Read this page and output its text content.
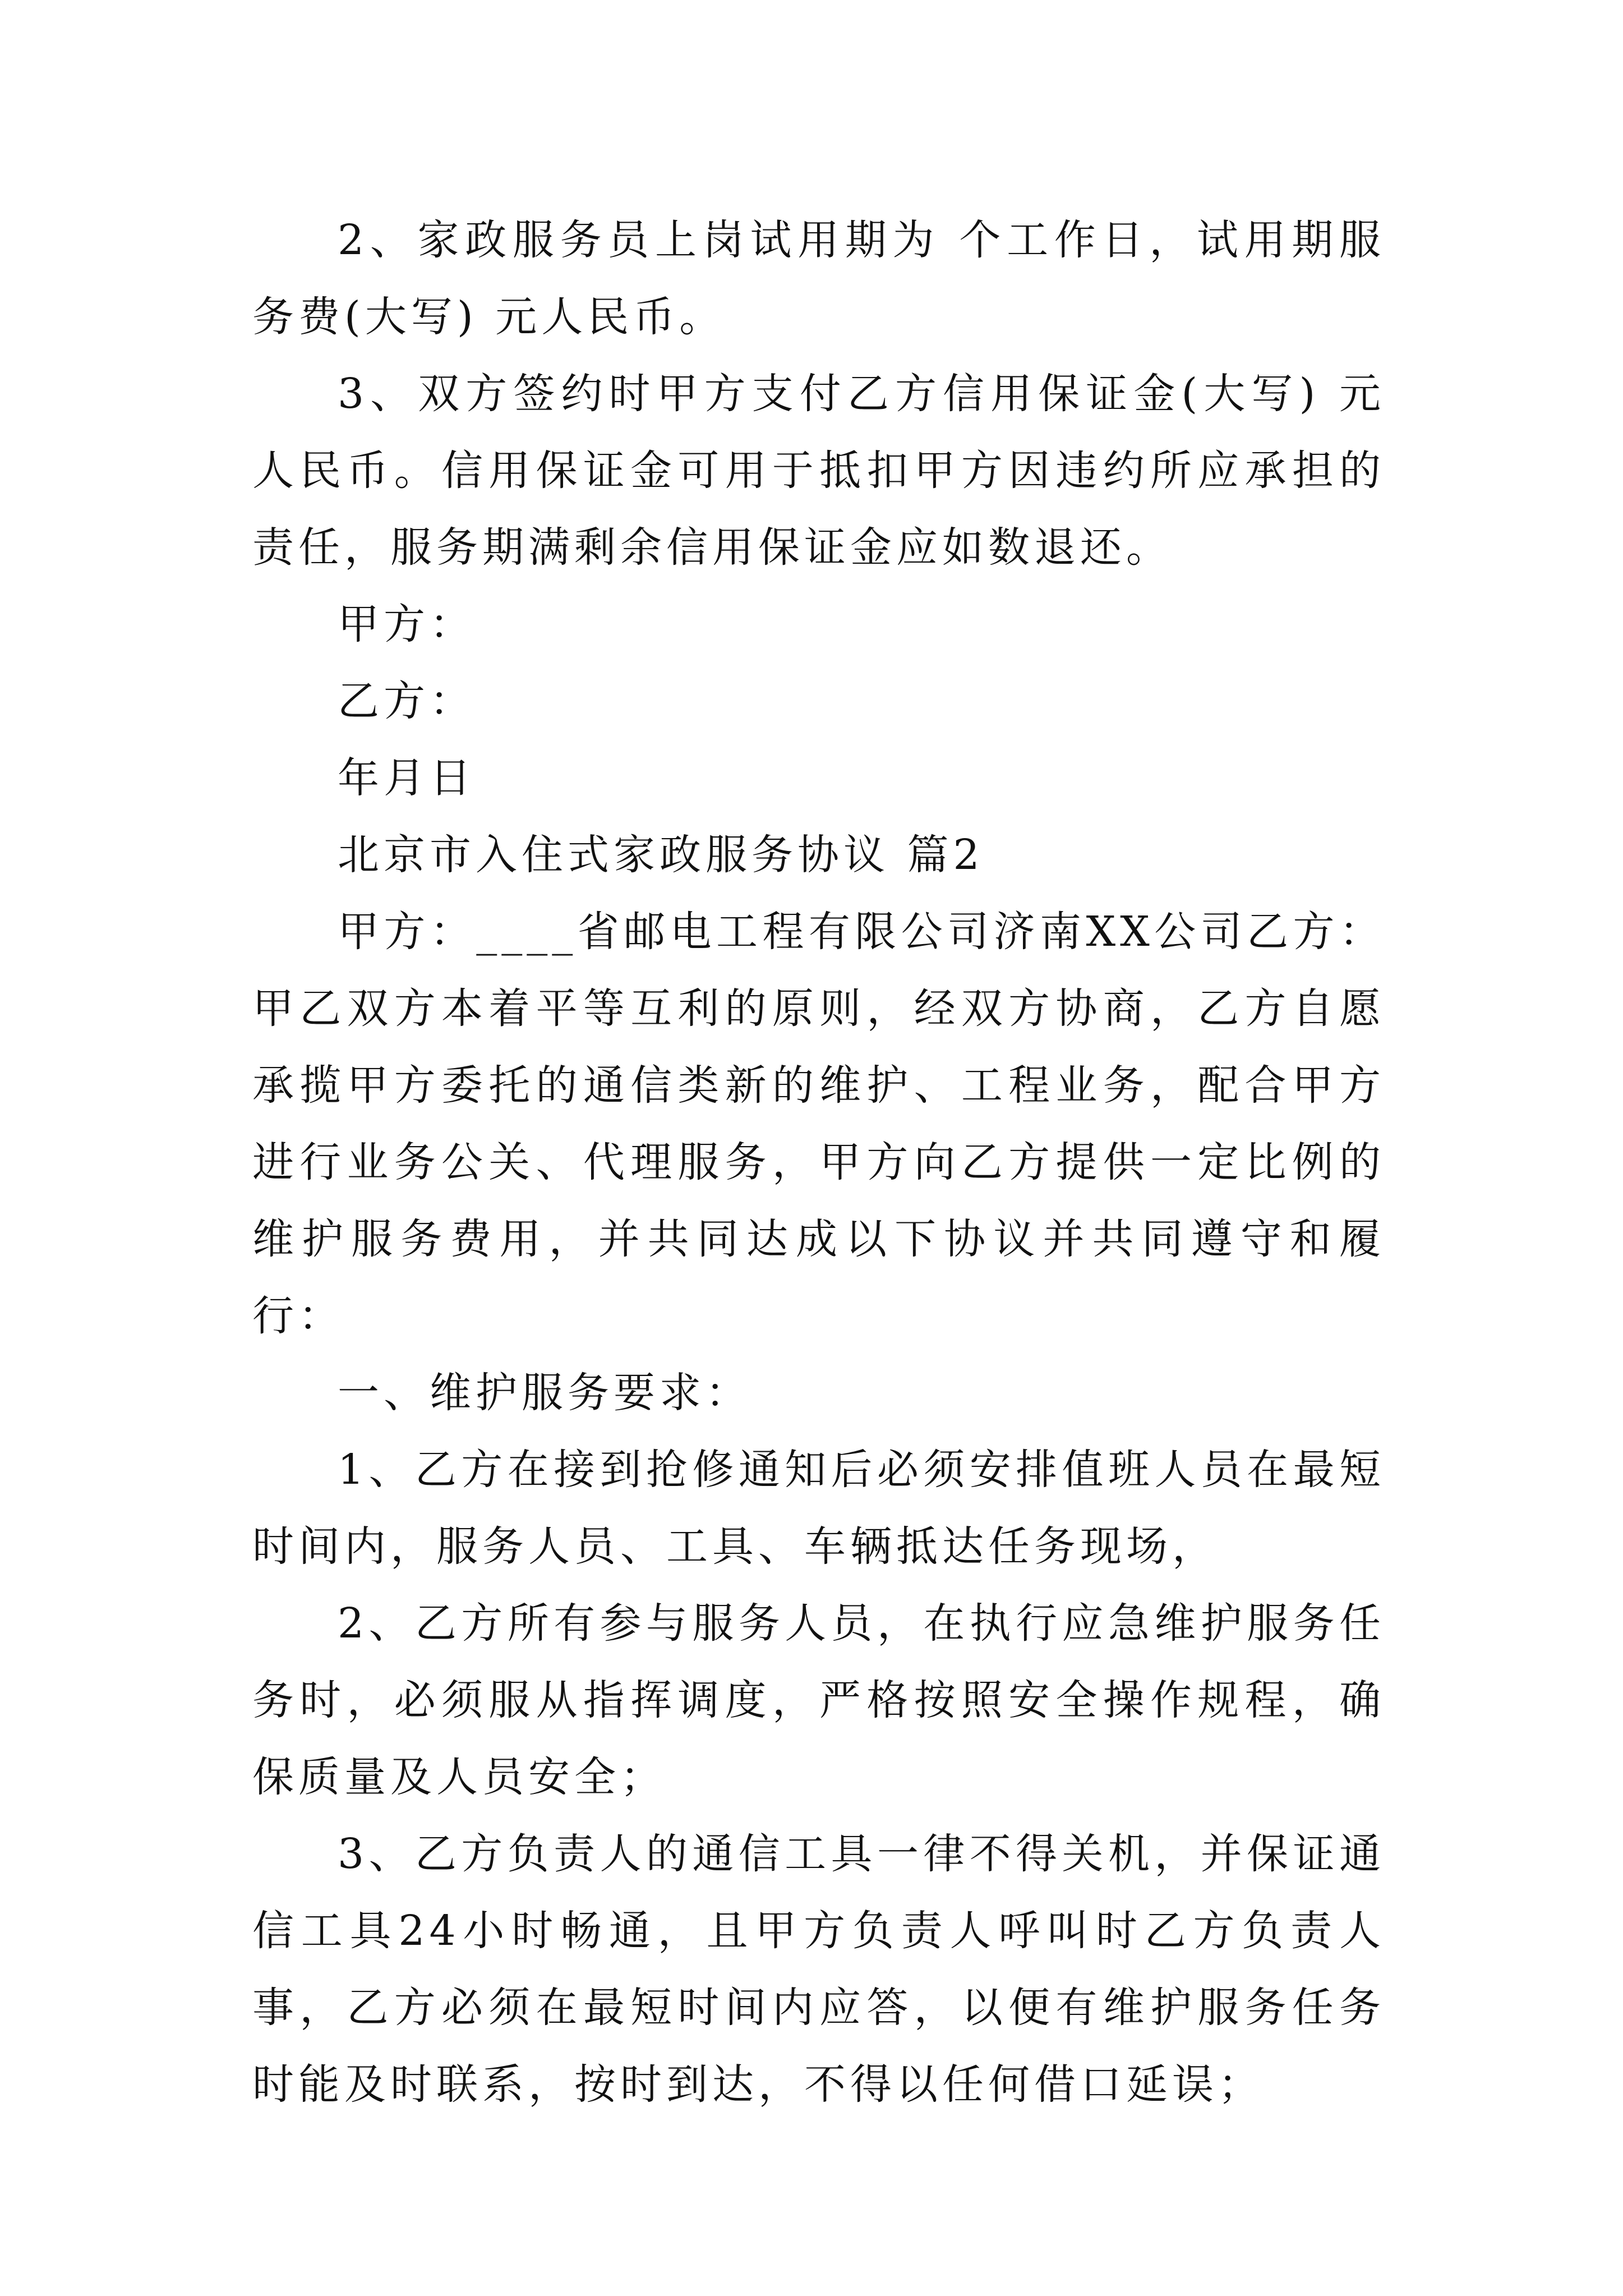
2、家政服务员上岗试用期为 个工作日，试用期服务费(大写) 元人民币。

3、双方签约时甲方支付乙方信用保证金(大写) 元人民币。信用保证金可用于抵扣甲方因违约所应承担的责任，服务期满剩余信用保证金应如数退还。

甲方：

乙方：

年月日

北京市入住式家政服务协议 篇2

甲方：____省邮电工程有限公司济南XX公司乙方：甲乙双方本着平等互利的原则，经双方协商，乙方自愿承揽甲方委托的通信类新的维护、工程业务，配合甲方进行业务公关、代理服务，甲方向乙方提供一定比例的维护服务费用，并共同达成以下协议并共同遵守和履行：

一、维护服务要求：

1、乙方在接到抢修通知后必须安排值班人员在最短时间内，服务人员、工具、车辆抵达任务现场，

2、乙方所有参与服务人员，在执行应急维护服务任务时，必须服从指挥调度，严格按照安全操作规程，确保质量及人员安全；

3、乙方负责人的通信工具一律不得关机，并保证通信工具24小时畅通，且甲方负责人呼叫时乙方负责人事，乙方必须在最短时间内应答，以便有维护服务任务时能及时联系，按时到达，不得以任何借口延误；
